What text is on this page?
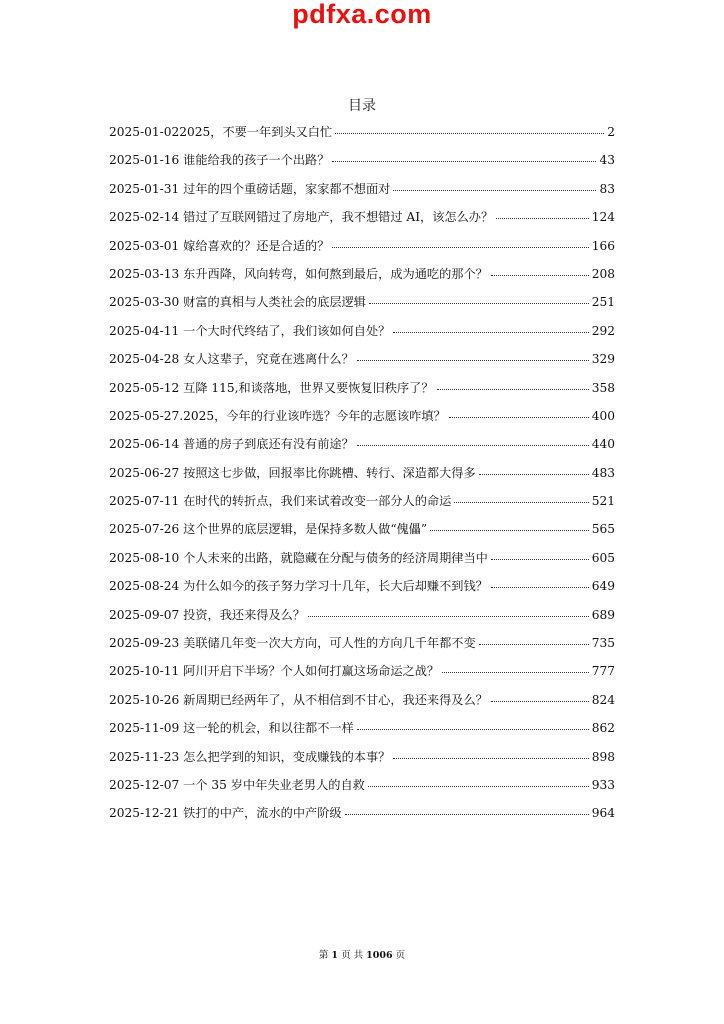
pdfxa.com
目录
2025-01-022025，不要一年到头又白忙	2
2025-01-16 谁能给我的孩子一个出路？	43
2025-01-31 过年的四个重磅话题，家家都不想面对	83
2025-02-14 错过了互联网错过了房地产，我不想错过 AI，该怎么办？	124
2025-03-01 嫁给喜欢的？还是合适的？	166
2025-03-13 东升西降，风向转弯，如何熬到最后，成为通吃的那个？	208
2025-03-30 财富的真相与人类社会的底层逻辑	251
2025-04-11 一个大时代终结了，我们该如何自处？	292
2025-04-28 女人这辈子，究竟在逃离什么？	329
2025-05-12 互降 115,和谈落地，世界又要恢复旧秩序了？	358
2025-05-27.2025，今年的行业该咋选？今年的志愿该咋填？	400
2025-06-14 普通的房子到底还有没有前途？	440
2025-06-27 按照这七步做，回报率比你跳槽、转行、深造都大得多	483
2025-07-11 在时代的转折点，我们来试着改变一部分人的命运	521
2025-07-26 这个世界的底层逻辑，是保持多数人做“傀儡”	565
2025-08-10 个人未来的出路，就隐藏在分配与债务的经济周期律当中	605
2025-08-24 为什么如今的孩子努力学习十几年，长大后却赚不到钱？	649
2025-09-07 投资，我还来得及么？	689
2025-09-23 美联储几年变一次大方向，可人性的方向几千年都不变	735
2025-10-11 阿川开启下半场？个人如何打赢这场命运之战？	777
2025-10-26 新周期已经两年了，从不相信到不甘心，我还来得及么？	824
2025-11-09 这一轮的机会，和以往都不一样	862
2025-11-23 怎么把学到的知识，变成赚钱的本事？	898
2025-12-07 一个 35 岁中年失业老男人的自救	933
2025-12-21 铁打的中产，流水的中产阶级	964
第 1 页 共 1006 页
